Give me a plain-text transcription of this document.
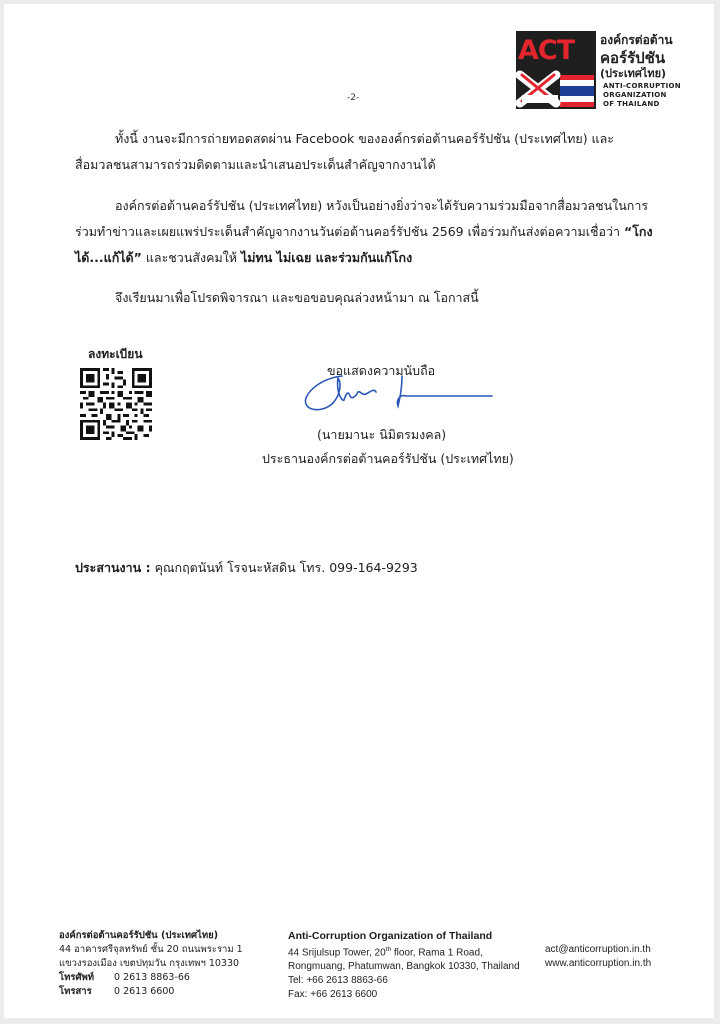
ACT องค์กรต่อต้าน
คอร์รัปชัน
(ประเทศไทย)
ANTI-CORRUPTION
ORGANIZATION
OF THAILAND
-2-
ทั้งนี้ งานจะมีการถ่ายทอดสดผ่าน Facebook ขององค์กรต่อต้านคอร์รัปชัน (ประเทศไทย) และสื่อมวลชนสามารถร่วมติดตามและนำเสนอประเด็นสำคัญจากงานได้
องค์กรต่อต้านคอร์รัปชัน (ประเทศไทย) หวังเป็นอย่างยิ่งว่าจะได้รับความร่วมมือจากสื่อมวลชนในการร่วมทำข่าวและเผยแพร่ประเด็นสำคัญจากงานวันต่อต้านคอร์รัปชัน 2569 เพื่อร่วมกันส่งต่อความเชื่อว่า “โกงได้...แก้ได้” และชวนสังคมให้ ไม่ทน ไม่เฉย และร่วมกันแก้โกง
จึงเรียนมาเพื่อโปรดพิจารณา และขอขอบคุณล่วงหน้ามา ณ โอกาสนี้
ลงทะเบียน
ขอแสดงความนับถือ
(นายมานะ นิมิตรมงคล)
ประธานองค์กรต่อต้านคอร์รัปชัน (ประเทศไทย)
ประสานงาน : คุณกฤตนันท์ โรจนะหัสดิน โทร. 099-164-9293
องค์กรต่อต้านคอร์รัปชัน (ประเทศไทย)
44 อาคารศรีจุลทรัพย์ ชั้น 20 ถนนพระราม 1
แขวงรองเมือง เขตปทุมวัน กรุงเทพฯ 10330
โทรศัพท์ 0 2613 8863-66
โทรสาร 0 2613 6600
Anti-Corruption Organization of Thailand
44 Srijulsup Tower, 20th floor, Rama 1 Road,
Rongmuang, Phatumwan, Bangkok 10330, Thailand
Tel: +66 2613 8863-66
Fax: +66 2613 6600
act@anticorruption.in.th
www.anticorruption.in.th
